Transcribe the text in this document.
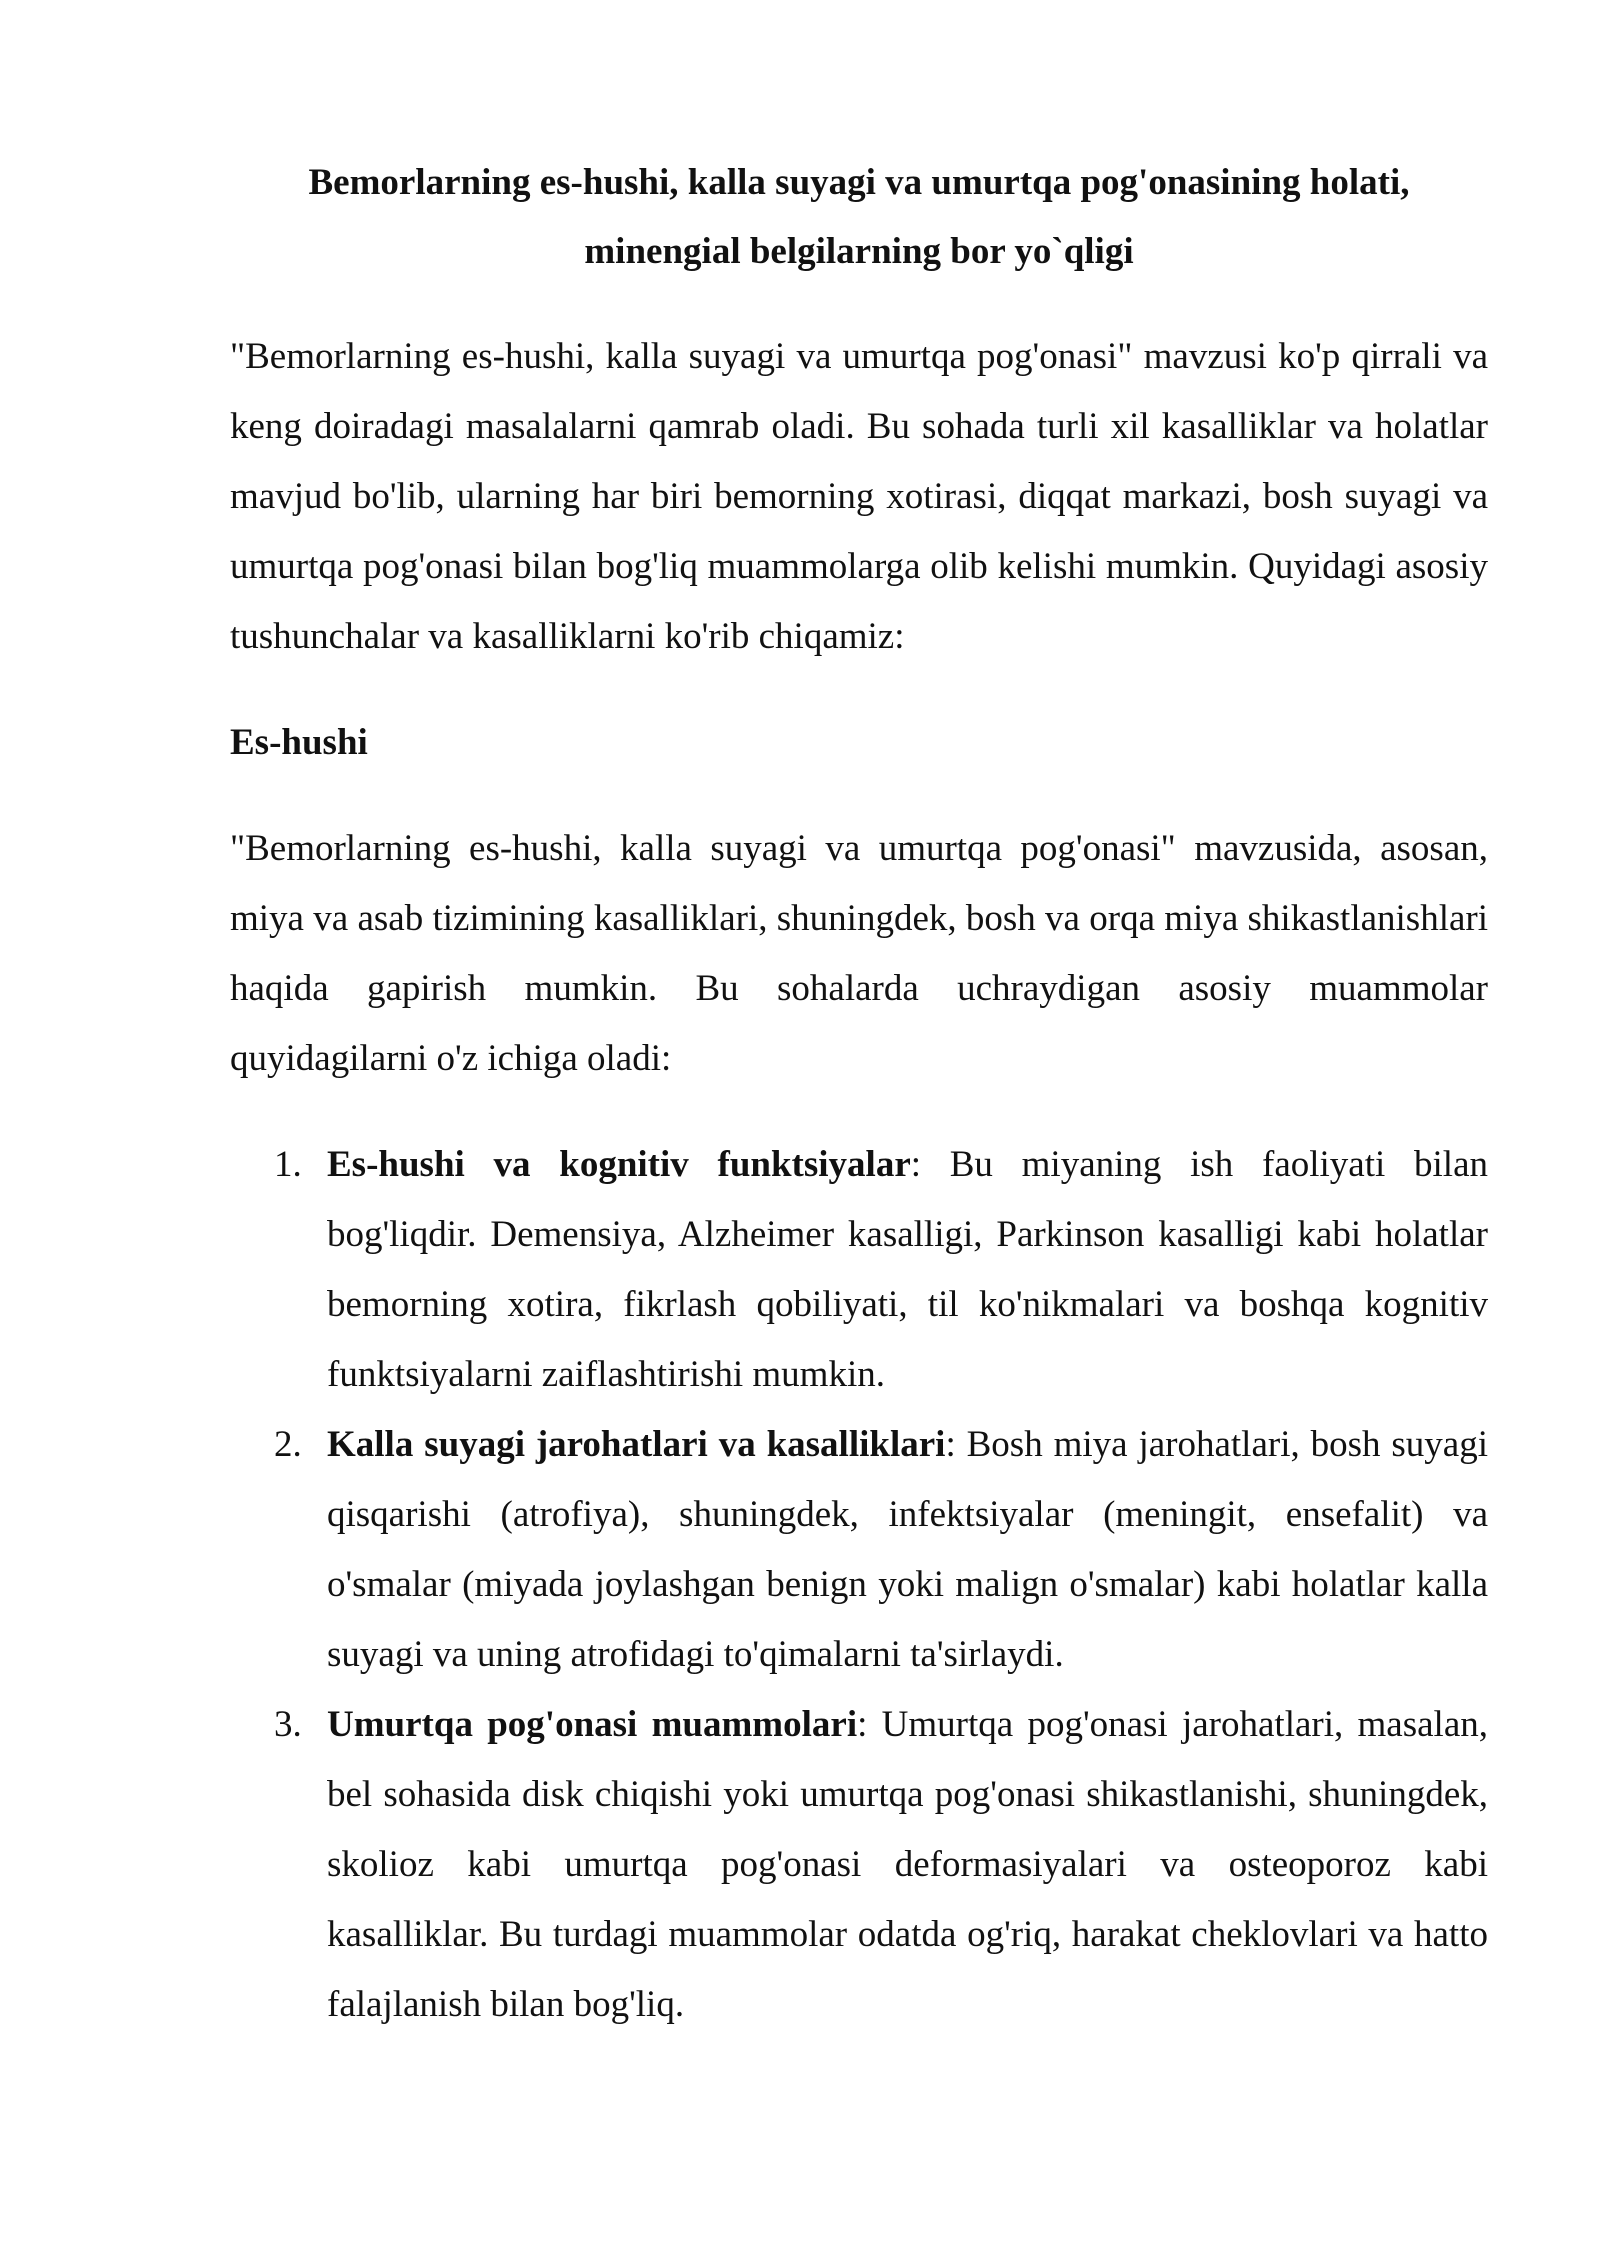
Bemorlarning es-hushi, kalla suyagi va umurtqa pog'onasining holati,
minengial belgilarning bor yo`qligi

"Bemorlarning es-hushi, kalla suyagi va umurtqa pog'onasi" mavzusi ko'p qirrali va keng doiradagi masalalarni qamrab oladi. Bu sohada turli xil kasalliklar va holatlar mavjud bo'lib, ularning har biri bemorning xotirasi, diqqat markazi, bosh suyagi va umurtqa pog'onasi bilan bog'liq muammolarga olib kelishi mumkin. Quyidagi asosiy tushunchalar va kasalliklarni ko'rib chiqamiz:

Es-hushi

"Bemorlarning es-hushi, kalla suyagi va umurtqa pog'onasi" mavzusida, asosan, miya va asab tizimining kasalliklari, shuningdek, bosh va orqa miya shikastlanishlari haqida gapirish mumkin. Bu sohalarda uchraydigan asosiy muammolar quyidagilarni o'z ichiga oladi:

1. Es-hushi va kognitiv funktsiyalar: Bu miyaning ish faoliyati bilan bog'liqdir. Demensiya, Alzheimer kasalligi, Parkinson kasalligi kabi holatlar bemorning xotira, fikrlash qobiliyati, til ko'nikmalari va boshqa kognitiv funktsiyalarni zaiflashtirishi mumkin.
2. Kalla suyagi jarohatlari va kasalliklari: Bosh miya jarohatlari, bosh suyagi qisqarishi (atrofiya), shuningdek, infektsiyalar (meningit, ensefalit) va o'smalar (miyada joylashgan benign yoki malign o'smalar) kabi holatlar kalla suyagi va uning atrofidagi to'qimalarni ta'sirlaydi.
3. Umurtqa pog'onasi muammolari: Umurtqa pog'onasi jarohatlari, masalan, bel sohasida disk chiqishi yoki umurtqa pog'onasi shikastlanishi, shuningdek, skolioz kabi umurtqa pog'onasi deformasiyalari va osteoporoz kabi kasalliklar. Bu turdagi muammolar odatda og'riq, harakat cheklovlari va hatto falajlanish bilan bog'liq.
